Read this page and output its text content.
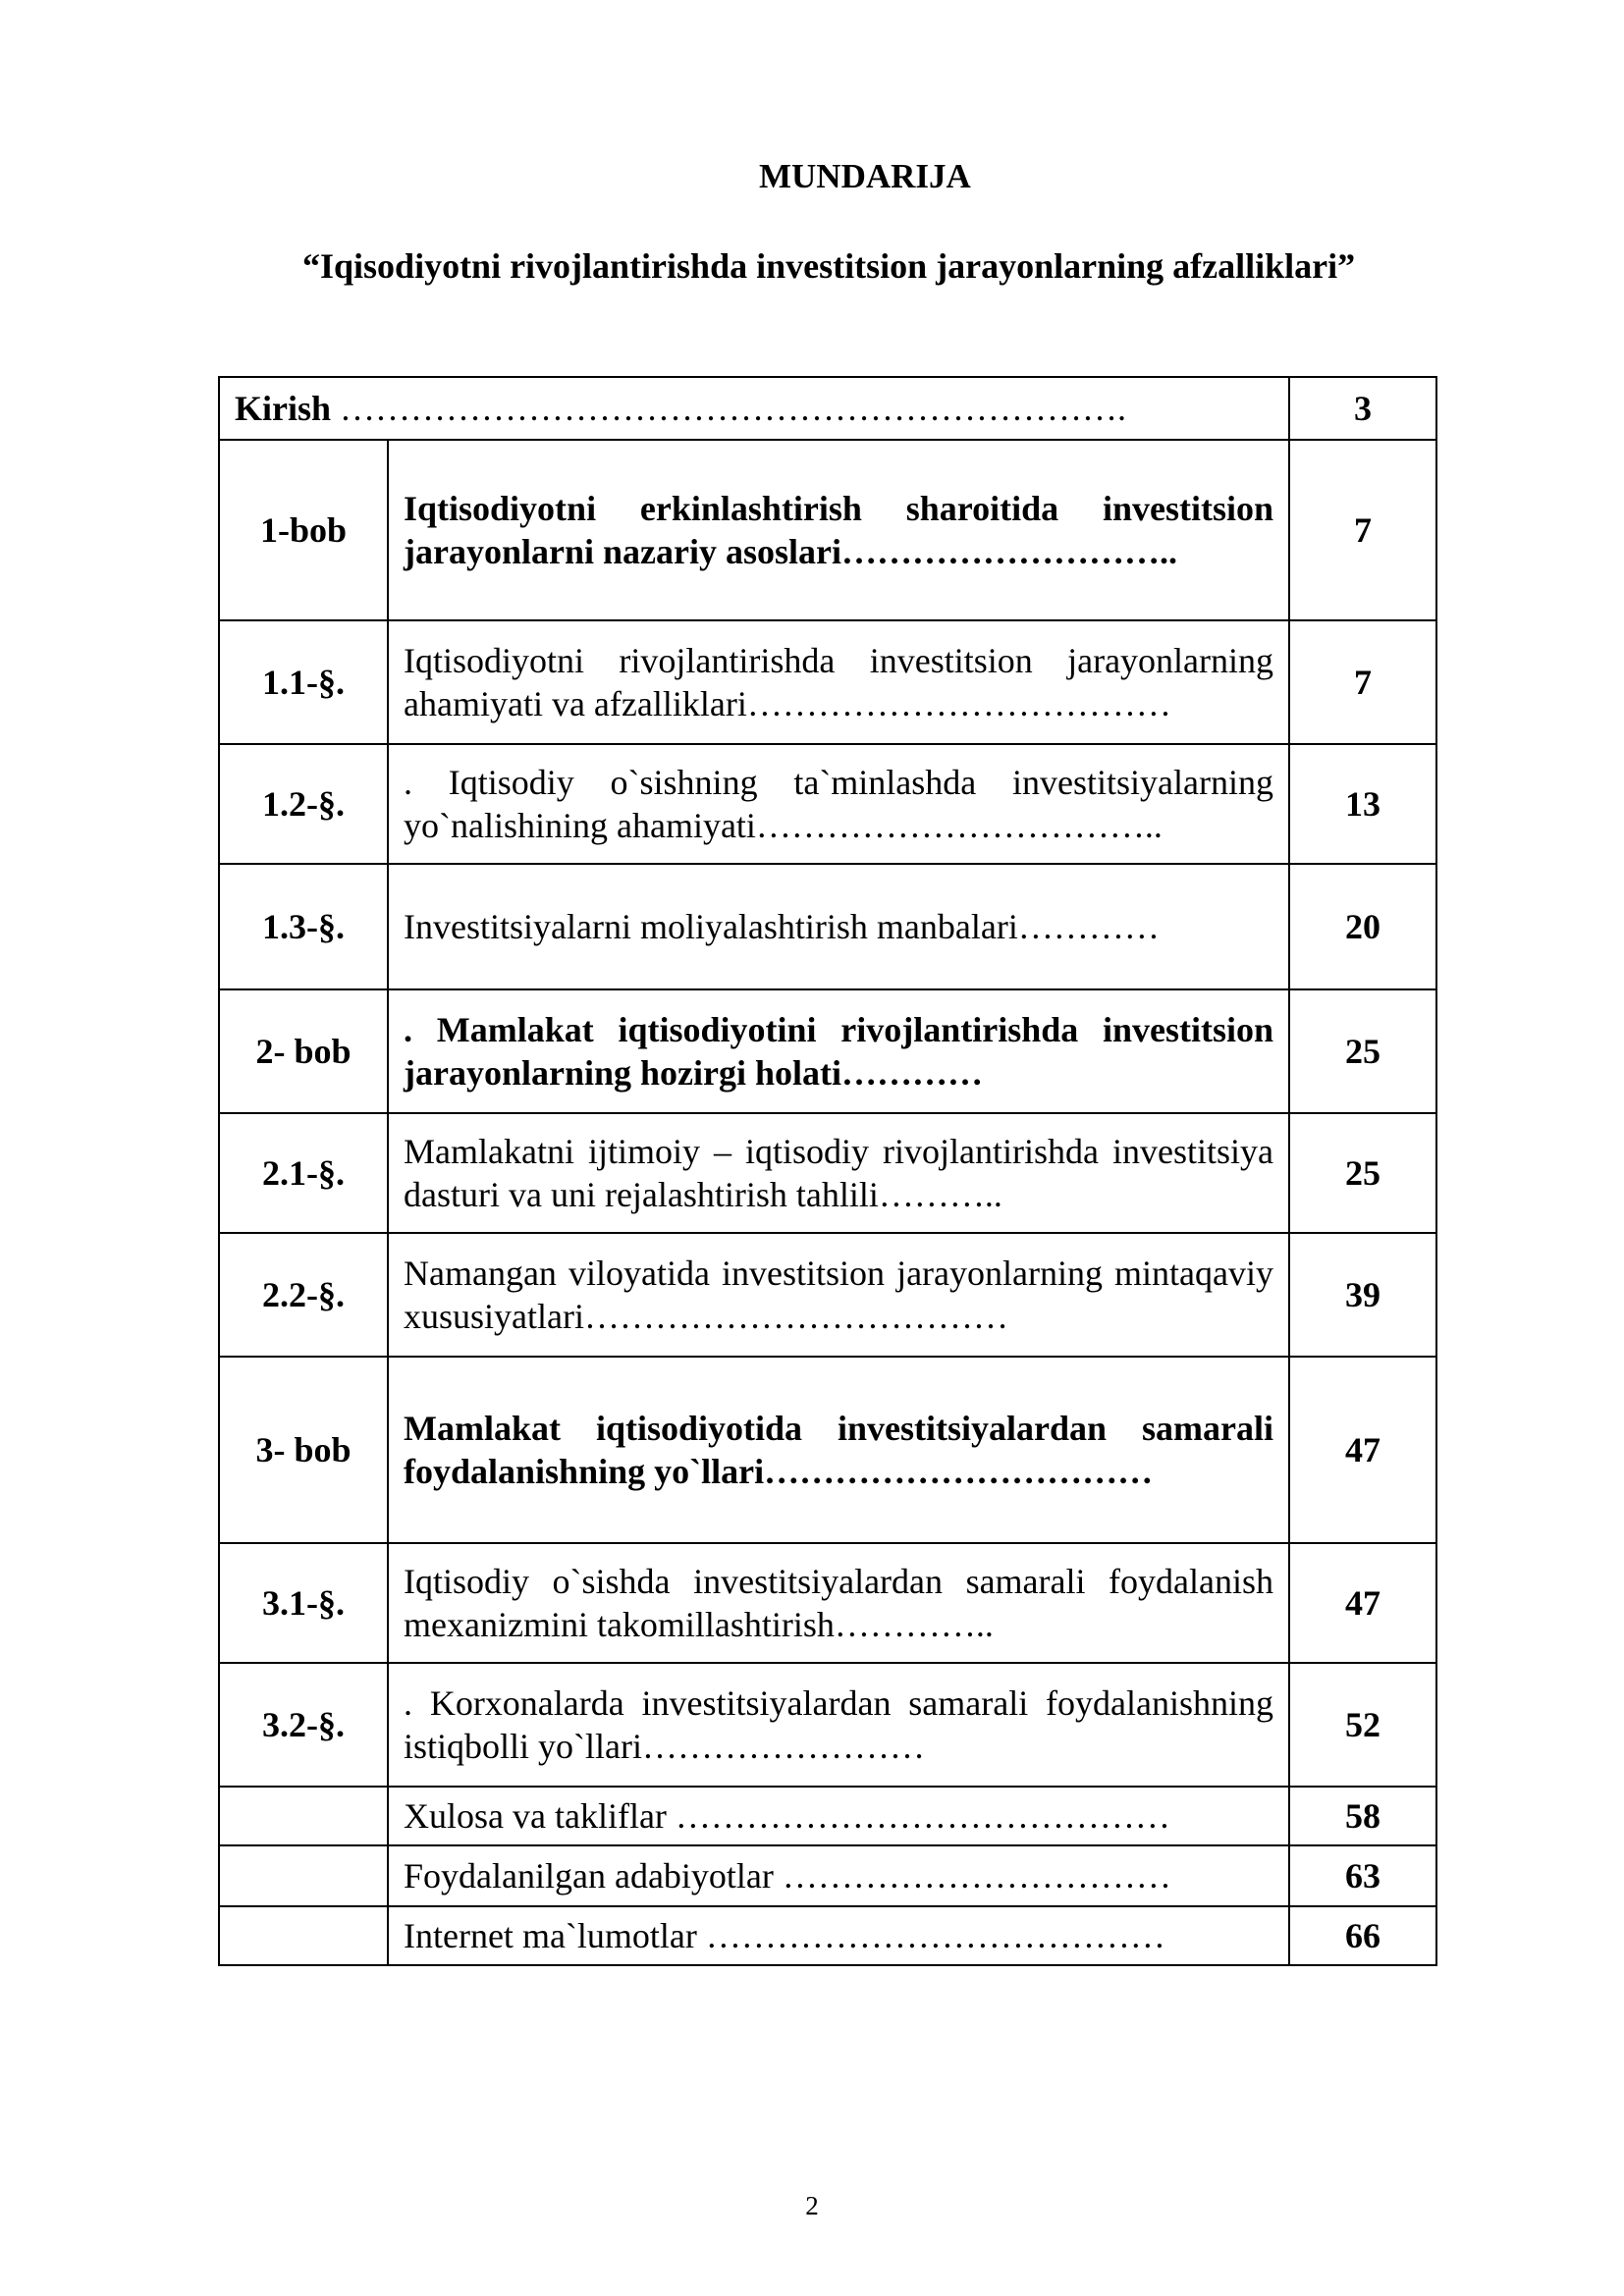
MUNDARIJA
“Iqisodiyotni rivojlantirishda investitsion jarayonlarning afzalliklari”
Kirish ………………………………………………………….		3
1-bob	Iqtisodiyotni erkinlashtirish sharoitida investitsion jarayonlarni nazariy asoslari………………………..	7
1.1-§.	Iqtisodiyotni rivojlantirishda investitsion jarayonlarning ahamiyati va afzalliklari………………………………	7
1.2-§.	. Iqtisodiy o`sishning ta`minlashda investitsiyalarning yo`nalishining ahamiyati……………………………..	13
1.3-§.	Investitsiyalarni moliyalashtirish manbalari…………	20
2- bob	. Mamlakat iqtisodiyotini rivojlantirishda investitsion jarayonlarning hozirgi holati…………	25
2.1-§.	Mamlakatni ijtimoiy – iqtisodiy rivojlantirishda investitsiya dasturi va uni rejalashtirish tahlili………..	25
2.2-§.	Namangan viloyatida investitsion jarayonlarning mintaqaviy xususiyatlari………………………………	39
3- bob	Mamlakat iqtisodiyotida investitsiyalardan samarali foydalanishning yo`llari……………………………	47
3.1-§.	Iqtisodiy o`sishda investitsiyalardan samarali foydalanish mexanizmini takomillashtirish…………..	47
3.2-§.	. Korxonalarda investitsiyalardan samarali foydalanishning istiqbolli yo`llari……………………	52
	Xulosa va takliflar ……………………………………	58
	Foydalanilgan adabiyotlar ……………………………	63
	Internet ma`lumotlar …………………………………	66
2
